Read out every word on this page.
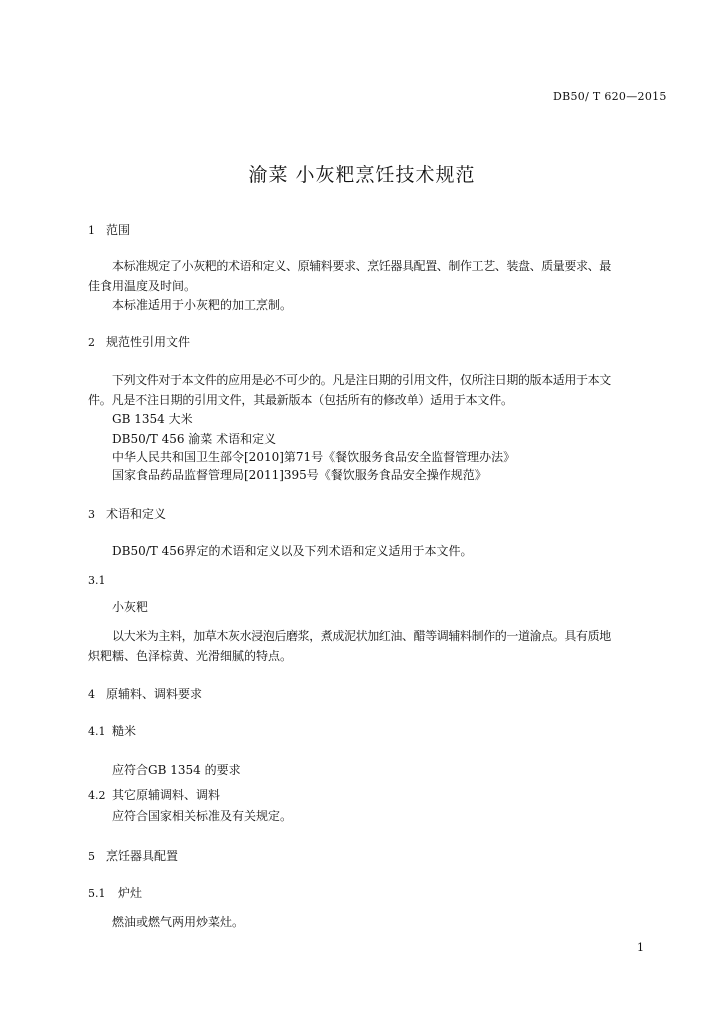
DB50/ T 620—2015
渝菜 小灰粑烹饪技术规范
1 范围
本标准规定了小灰粑的术语和定义、原辅料要求、烹饪器具配置、制作工艺、装盘、质量要求、最
佳食用温度及时间。
本标准适用于小灰粑的加工烹制。
2 规范性引用文件
下列文件对于本文件的应用是必不可少的。凡是注日期的引用文件，仅所注日期的版本适用于本文
件。凡是不注日期的引用文件，其最新版本（包括所有的修改单）适用于本文件。
GB 1354 大米
DB50/T 456 渝菜 术语和定义
中华人民共和国卫生部令[2010]第71号《餐饮服务食品安全监督管理办法》
国家食品药品监督管理局[2011]395号《餐饮服务食品安全操作规范》
3 术语和定义
DB50/T 456界定的术语和定义以及下列术语和定义适用于本文件。
3.1
小灰粑
以大米为主料，加草木灰水浸泡后磨浆，煮成泥状加红油、醋等调辅料制作的一道渝点。具有质地
炽粑糯、色泽棕黄、光滑细腻的特点。
4 原辅料、调料要求
4.1 糙米
应符合GB 1354 的要求
4.2 其它原辅调料、调料
应符合国家相关标准及有关规定。
5 烹饪器具配置
5.1 炉灶
燃油或燃气两用炒菜灶。
1
